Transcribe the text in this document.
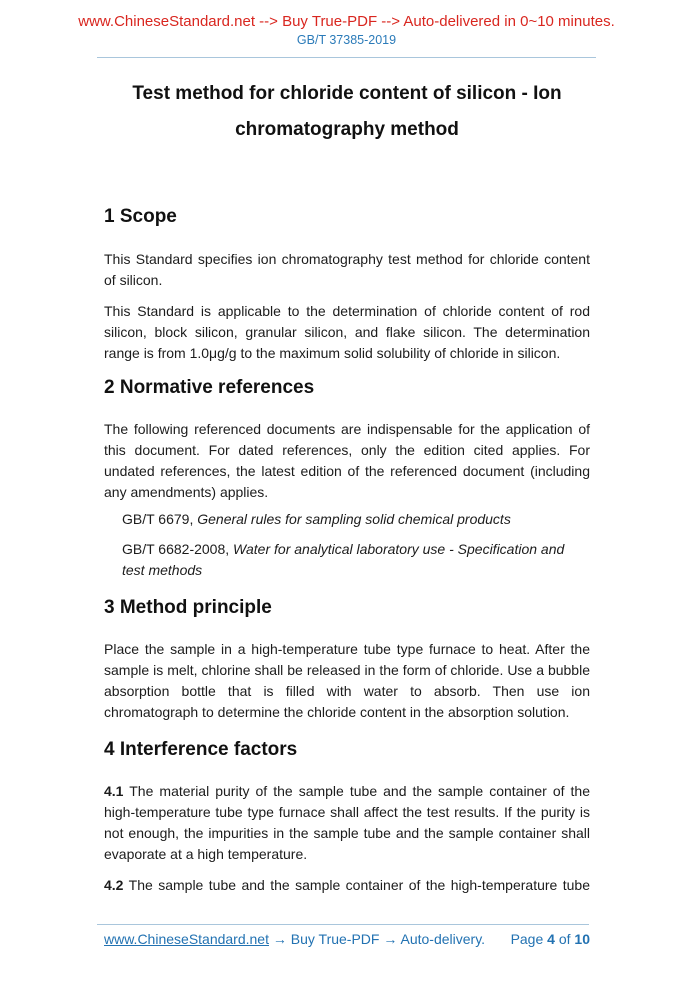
www.ChineseStandard.net --> Buy True-PDF --> Auto-delivered in 0~10 minutes.
GB/T 37385-2019
Test method for chloride content of silicon - Ion
chromatography method
1 Scope

This Standard specifies ion chromatography test method for chloride content of silicon.

This Standard is applicable to the determination of chloride content of rod silicon, block silicon, granular silicon, and flake silicon. The determination range is from 1.0μg/g to the maximum solid solubility of chloride in silicon.

2 Normative references

The following referenced documents are indispensable for the application of this document. For dated references, only the edition cited applies. For undated references, the latest edition of the referenced document (including any amendments) applies.

GB/T 6679, General rules for sampling solid chemical products

GB/T 6682-2008, Water for analytical laboratory use - Specification and test methods

3 Method principle

Place the sample in a high-temperature tube type furnace to heat. After the sample is melt, chlorine shall be released in the form of chloride. Use a bubble absorption bottle that is filled with water to absorb. Then use ion chromatograph to determine the chloride content in the absorption solution.

4 Interference factors

4.1 The material purity of the sample tube and the sample container of the high-temperature tube type furnace shall affect the test results. If the purity is not enough, the impurities in the sample tube and the sample container shall evaporate at a high temperature.

4.2 The sample tube and the sample container of the high-temperature tube

www.ChineseStandard.net → Buy True-PDF → Auto-delivery. Page 4 of 10
